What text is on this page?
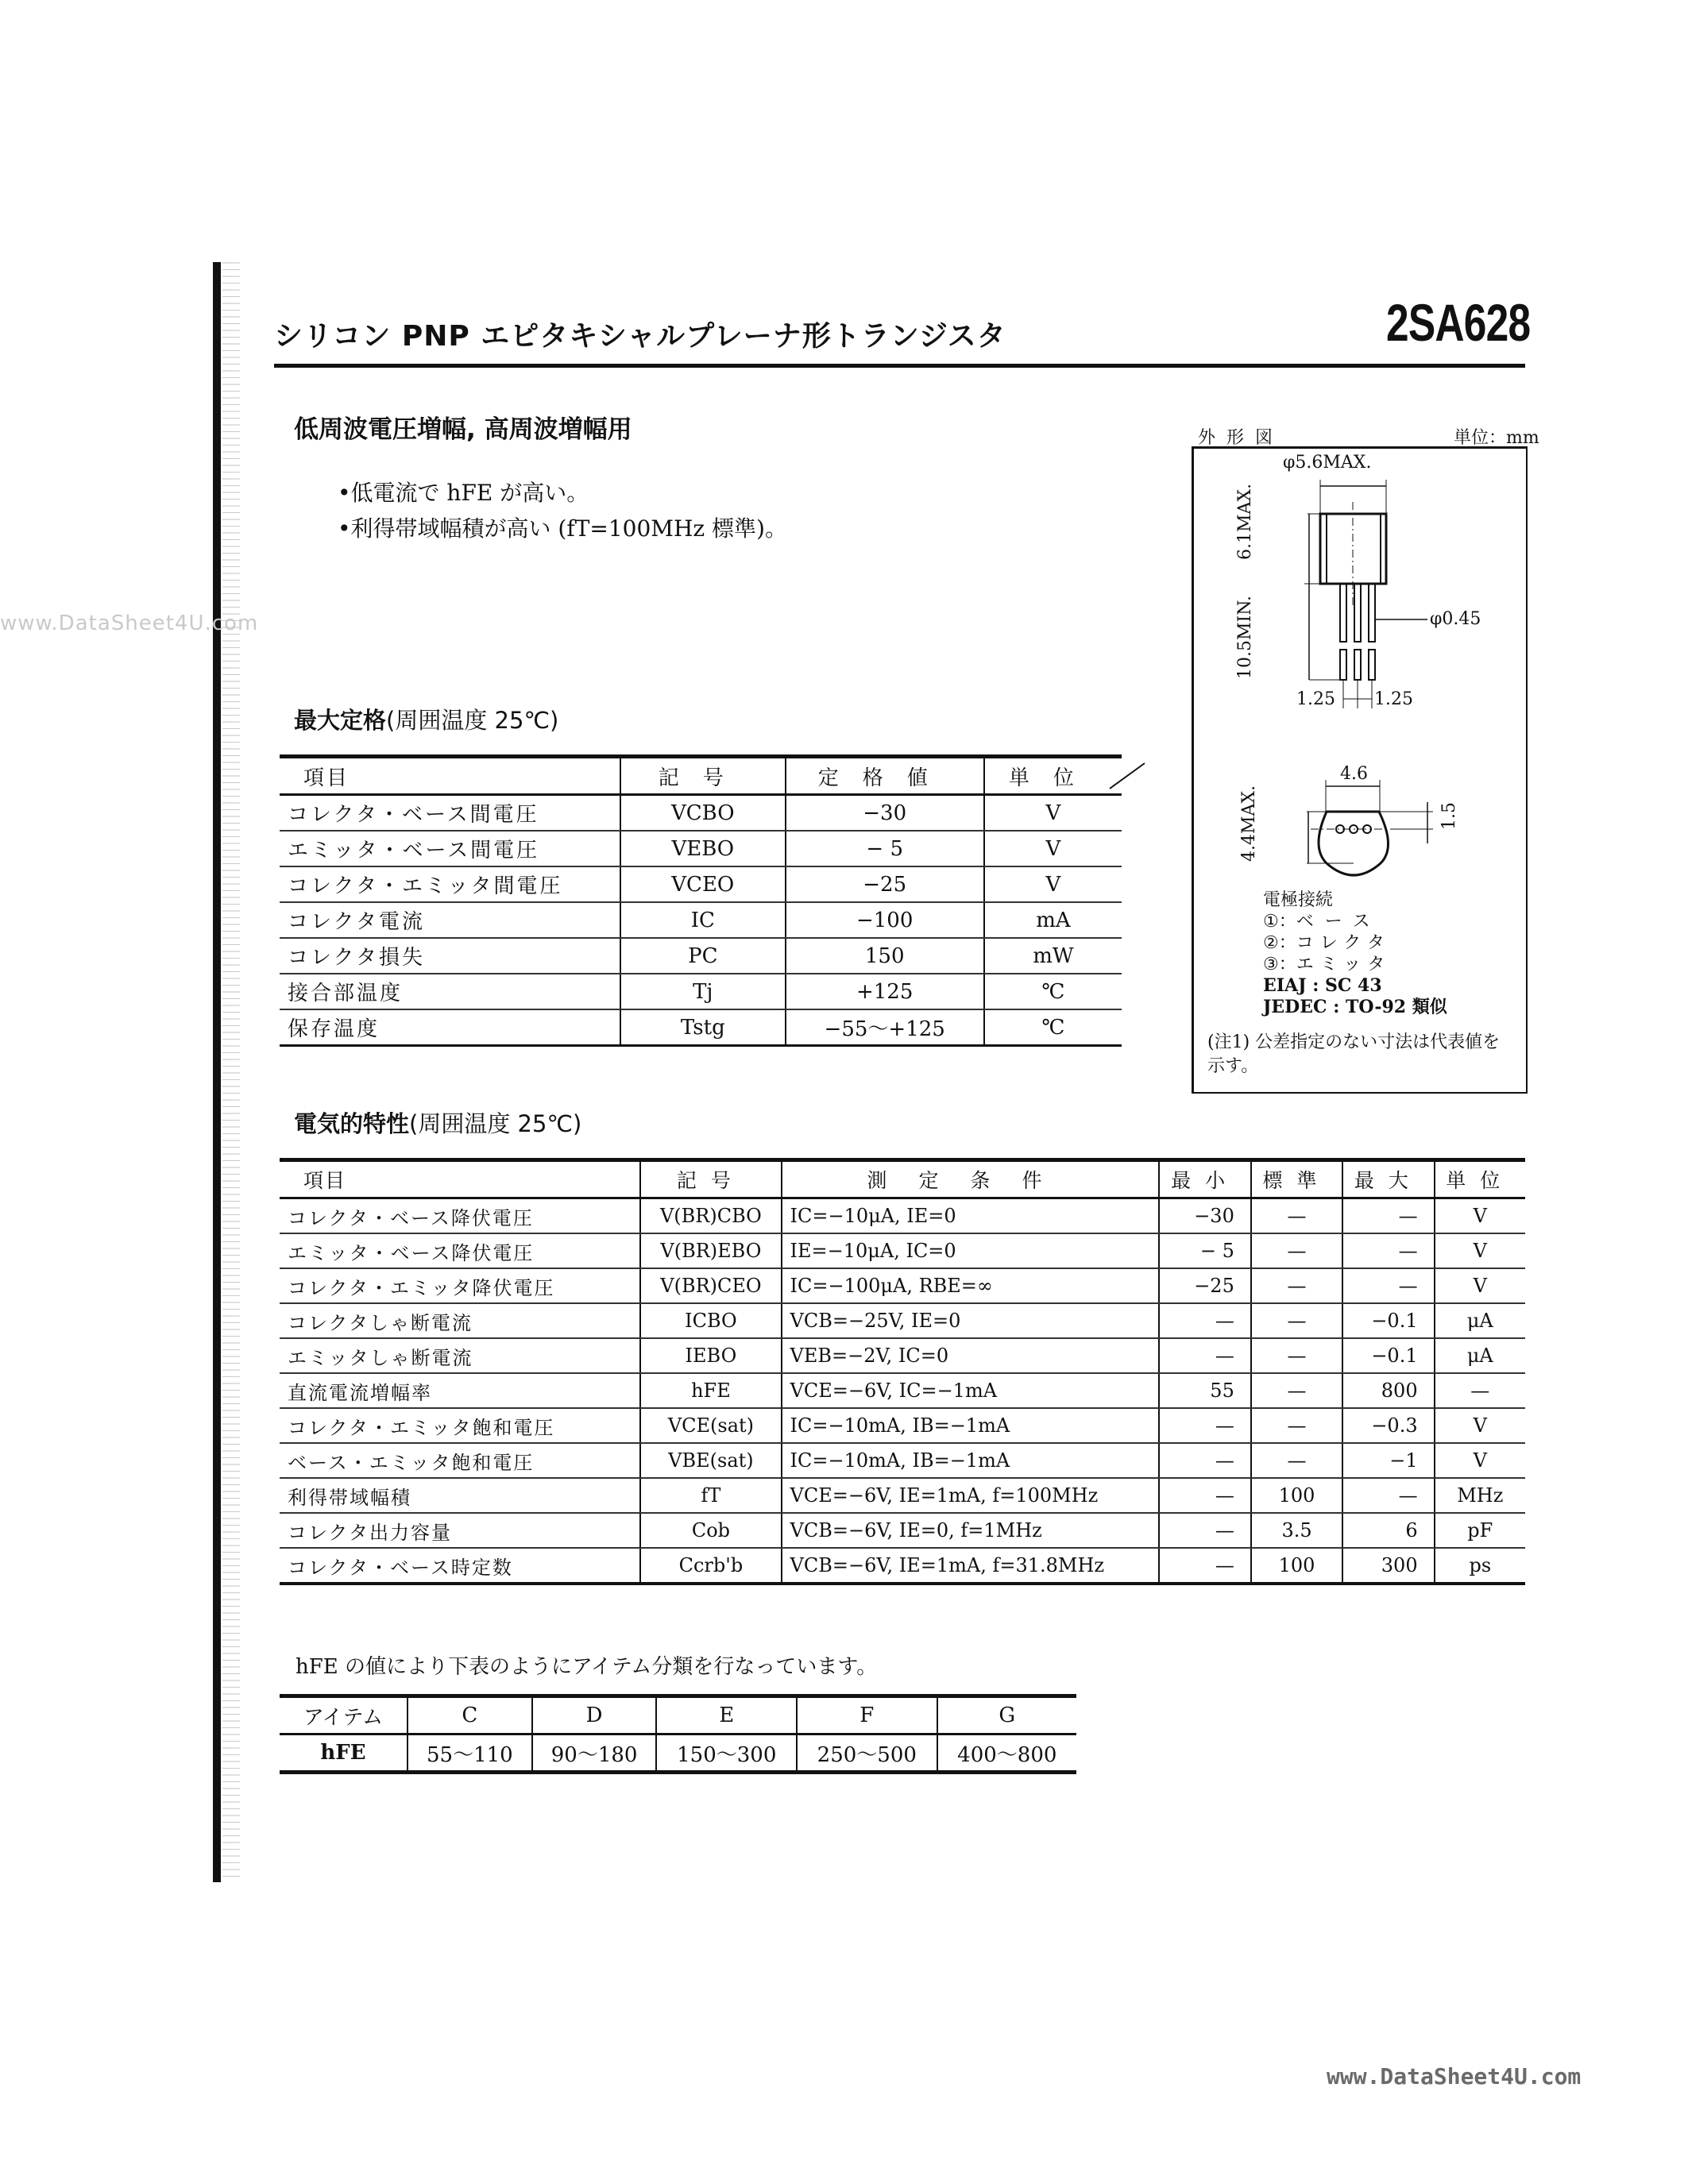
www.DataSheet4U.com
シリコン PNP エピタキシャルプレーナ形トランジスタ	2SA628
低周波電圧増幅, 高周波増幅用
• 低電流で hFE が高い。
• 利得帯域幅積が高い (fT=100MHz 標準)。
最大定格(周囲温度 25℃)
項目	記号	定格値	単位
コレクタ・ベース間電圧	VCBO	−30	V
エミッタ・ベース間電圧	VEBO	− 5	V
コレクタ・エミッタ間電圧	VCEO	−25	V
コレクタ電流	IC	−100	mA
コレクタ損失	PC	150	mW
接合部温度	Tj	+125	℃
保存温度	Tstg	−55〜+125	℃
外形図	単位：mm
φ5.6MAX.
6.1MAX.
10.5MIN.	φ0.45
1.25 1.25
4.6
4.4MAX.	1.5
電極接続
①：ベース
②：コレクタ
③：エミッタ
EIAJ : SC 43
JEDEC : TO-92 類似
(注1) 公差指定のない寸法は代表値を示す。
電気的特性(周囲温度 25℃)
項目	記号	測定条件	最小	標準	最大	単位
コレクタ・ベース降伏電圧	V(BR)CBO	IC=−10μA, IE=0	−30	—	—	V
エミッタ・ベース降伏電圧	V(BR)EBO	IE=−10μA, IC=0	− 5	—	—	V
コレクタ・エミッタ降伏電圧	V(BR)CEO	IC=−100μA, RBE=∞	−25	—	—	V
コレクタしゃ断電流	ICBO	VCB=−25V, IE=0	—	—	−0.1	μA
エミッタしゃ断電流	IEBO	VEB=−2V, IC=0	—	—	−0.1	μA
直流電流増幅率	hFE	VCE=−6V, IC=−1mA	55	—	800	—
コレクタ・エミッタ飽和電圧	VCE(sat)	IC=−10mA, IB=−1mA	—	—	−0.3	V
ベース・エミッタ飽和電圧	VBE(sat)	IC=−10mA, IB=−1mA	—	—	−1	V
利得帯域幅積	fT	VCE=−6V, IE=1mA, f=100MHz	—	100	—	MHz
コレクタ出力容量	Cob	VCB=−6V, IE=0, f=1MHz	—	3.5	6	pF
コレクタ・ベース時定数	Ccrb'b	VCB=−6V, IE=1mA, f=31.8MHz	—	100	300	ps
hFE の値により下表のようにアイテム分類を行なっています。
アイテム	C	D	E	F	G
hFE	55〜110	90〜180	150〜300	250〜500	400〜800
www.DataSheet4U.com
